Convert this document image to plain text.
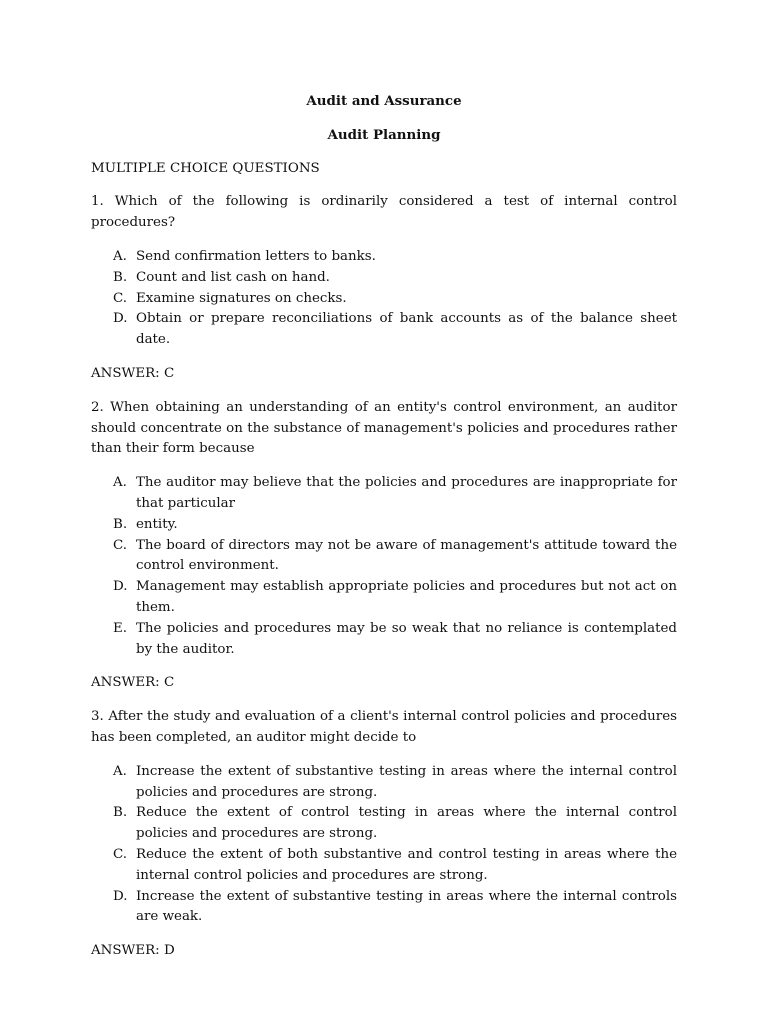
Audit and Assurance
Audit Planning
MULTIPLE CHOICE QUESTIONS
1. Which of the following is ordinarily considered a test of internal control procedures?
A. Send confirmation letters to banks.
B. Count and list cash on hand.
C. Examine signatures on checks.
D. Obtain or prepare reconciliations of bank accounts as of the balance sheet date.
ANSWER: C
2. When obtaining an understanding of an entity's control environment, an auditor should concentrate on the substance of management's policies and procedures rather than their form because
A. The auditor may believe that the policies and procedures are inappropriate for that particular
B. entity.
C. The board of directors may not be aware of management's attitude toward the control environment.
D. Management may establish appropriate policies and procedures but not act on them.
E. The policies and procedures may be so weak that no reliance is contemplated by the auditor.
ANSWER: C
3. After the study and evaluation of a client's internal control policies and procedures has been completed, an auditor might decide to
A. Increase the extent of substantive testing in areas where the internal control policies and procedures are strong.
B. Reduce the extent of control testing in areas where the internal control policies and procedures are strong.
C. Reduce the extent of both substantive and control testing in areas where the internal control policies and procedures are strong.
D. Increase the extent of substantive testing in areas where the internal controls are weak.
ANSWER: D
